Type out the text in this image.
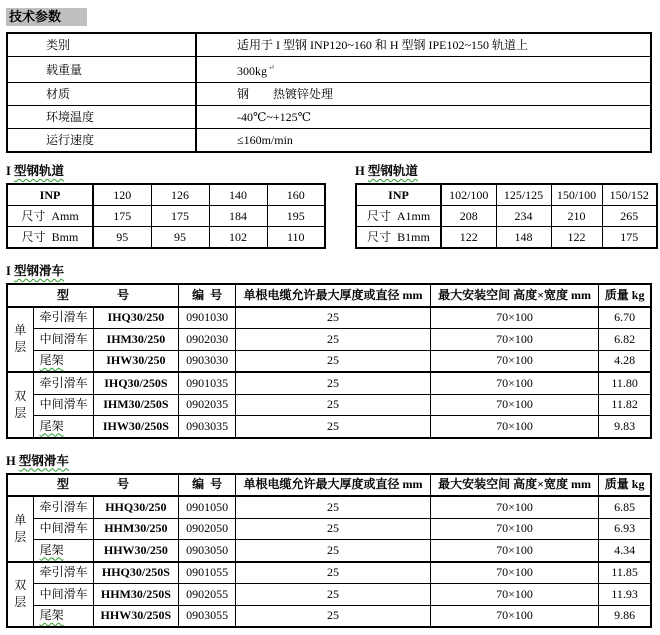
技术参数
类别	适用于 I 型钢 INP120~160 和 H 型钢 IPE102~150 轨道上
载重量	300kg↵
材质	钢        热镀锌处理
环境温度	-40℃~+125℃
运行速度	≤160m/min
I 型钢轨道
INP	120	126	140	160
尺寸  Amm	175	175	184	195
尺寸  Bmm	95	95	102	110
H 型钢轨道
INP	102/100	125/125	150/100	150/152
尺寸  A1mm	208	234	210	265
尺寸  B1mm	122	148	122	175
I 型钢滑车
型 号			编  号	单根电缆允许最大厚度或直径 mm	最大安装空间 高度×宽度 mm	质量 kg
单层	牵引滑车	IHQ30/250	0901030	25	70×100	6.70
	中间滑车	IHM30/250	0902030	25	70×100	6.82
	尾架	IHW30/250	0903030	25	70×100	4.28
双层	牵引滑车	IHQ30/250S	0901035	25	70×100	11.80
	中间滑车	IHM30/250S	0902035	25	70×100	11.82
	尾架	IHW30/250S	0903035	25	70×100	9.83
H 型钢滑车
型 号			编  号	单根电缆允许最大厚度或直径 mm	最大安装空间 高度×宽度 mm	质量 kg
单层	牵引滑车	HHQ30/250	0901050	25	70×100	6.85
	中间滑车	HHM30/250	0902050	25	70×100	6.93
	尾架	HHW30/250	0903050	25	70×100	4.34
双层	牵引滑车	HHQ30/250S	0901055	25	70×100	11.85
	中间滑车	HHM30/250S	0902055	25	70×100	11.93
	尾架	HHW30/250S	0903055	25	70×100	9.86
